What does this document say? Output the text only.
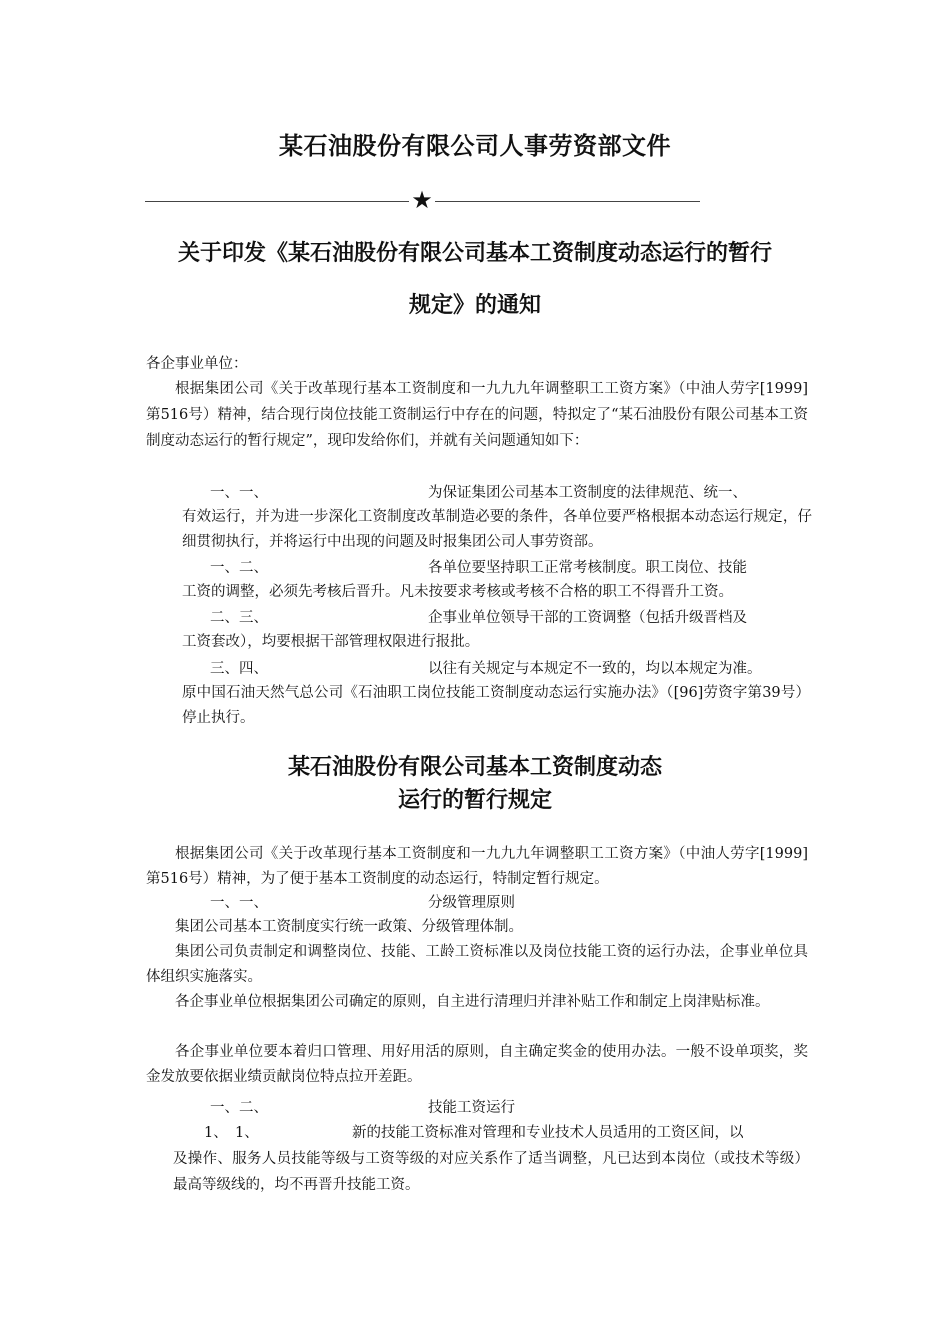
某石油股份有限公司人事劳资部文件
★
关于印发《某石油股份有限公司基本工资制度动态运行的暂行
规定》的通知
各企事业单位：
根据集团公司《关于改革现行基本工资制度和一九九九年调整职工工资方案》（中油人劳字[1999]第516号）精神，结合现行岗位技能工资制运行中存在的问题，特拟定了“某石油股份有限公司基本工资制度动态运行的暂行规定”，现印发给你们，并就有关问题通知如下：
一、一、	为保证集团公司基本工资制度的法律规范、统一、
有效运行，并为进一步深化工资制度改革制造必要的条件，各单位要严格根据本动态运行规定，仔细贯彻执行，并将运行中出现的问题及时报集团公司人事劳资部。
一、二、	各单位要坚持职工正常考核制度。职工岗位、技能
工资的调整，必须先考核后晋升。凡未按要求考核或考核不合格的职工不得晋升工资。
二、三、	企事业单位领导干部的工资调整（包括升级晋档及
工资套改），均要根据干部管理权限进行报批。
三、四、	以往有关规定与本规定不一致的，均以本规定为准。
原中国石油天然气总公司《石油职工岗位技能工资制度动态运行实施办法》（[96]劳资字第39号）停止执行。
某石油股份有限公司基本工资制度动态
运行的暂行规定
根据集团公司《关于改革现行基本工资制度和一九九九年调整职工工资方案》（中油人劳字[1999]第516号）精神，为了便于基本工资制度的动态运行，特制定暂行规定。
一、一、	分级管理原则
集团公司基本工资制度实行统一政策、分级管理体制。
集团公司负责制定和调整岗位、技能、工龄工资标准以及岗位技能工资的运行办法，企事业单位具体组织实施落实。
各企事业单位根据集团公司确定的原则，自主进行清理归并津补贴工作和制定上岗津贴标准。
各企事业单位要本着归口管理、用好用活的原则，自主确定奖金的使用办法。一般不设单项奖，奖金发放要依据业绩贡献岗位特点拉开差距。
一、二、	技能工资运行
1、　1、	新的技能工资标准对管理和专业技术人员适用的工资区间，以
及操作、服务人员技能等级与工资等级的对应关系作了适当调整，凡已达到本岗位（或技术等级）最高等级线的，均不再晋升技能工资。
